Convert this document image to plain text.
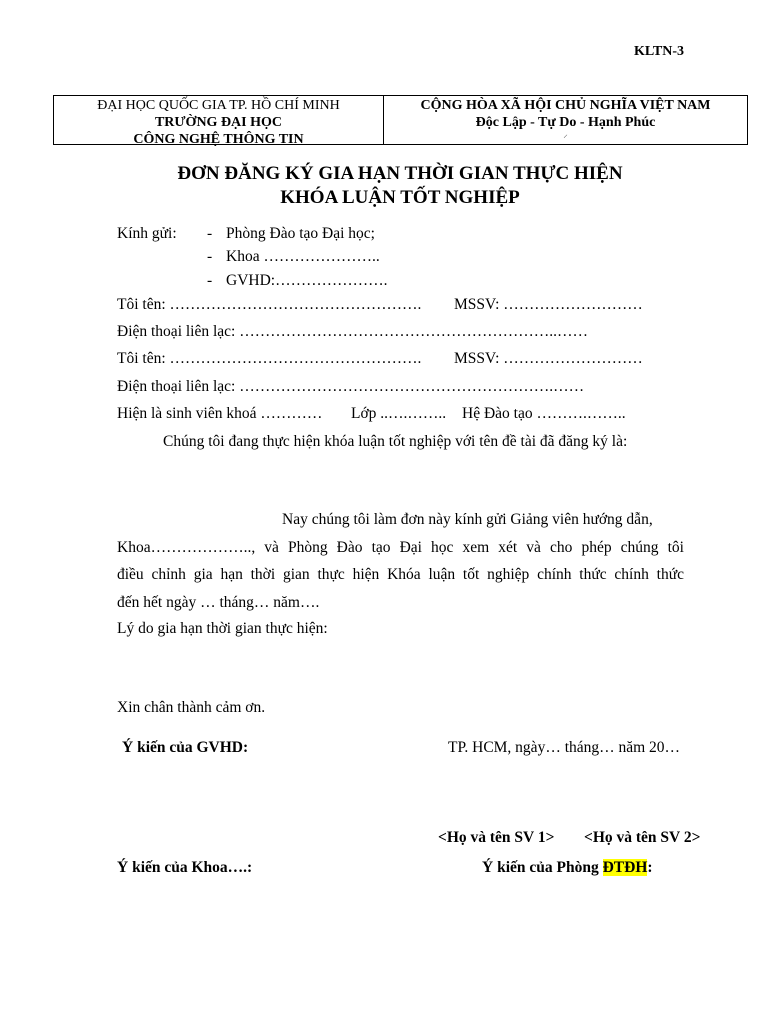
KLTN-3
ĐẠI HỌC QUỐC GIA TP. HỒ CHÍ MINH
TRƯỜNG ĐẠI HỌC
CÔNG NGHỆ THÔNG TIN
CỘNG HÒA XÃ HỘI CHỦ NGHĨA VIỆT NAM
Độc Lập - Tự Do - Hạnh Phúc
⸍
ĐƠN ĐĂNG KÝ GIA HẠN THỜI GIAN THỰC HIỆN
KHÓA LUẬN TỐT NGHIỆP
Kính gửi: - Phòng Đào tạo Đại học;
- Khoa …………………..
- GVHD:………………….
Tôi tên: …………………………………………. MSSV: ………………………
Điện thoại liên lạc: ……………………………………………………..……
Tôi tên: …………………………………………. MSSV: ………………………
Điện thoại liên lạc: …………………………………………………….……
Hiện là sinh viên khoá ………… Lớp ..….…….. Hệ Đào tạo ……….……..
Chúng tôi đang thực hiện khóa luận tốt nghiệp với tên đề tài đã đăng ký là:
Nay chúng tôi làm đơn này kính gửi Giảng viên hướng dẫn,
Khoa……………….., và Phòng Đào tạo Đại học xem xét và cho phép chúng tôi
điều chỉnh gia hạn thời gian thực hiện Khóa luận tốt nghiệp chính thức chính thức
đến hết ngày … tháng… năm….
Lý do gia hạn thời gian thực hiện:
Xin chân thành cảm ơn.
Ý kiến của GVHD:	TP. HCM, ngày… tháng… năm 20…
<Họ và tên SV 1> <Họ và tên SV 2>
Ý kiến của Khoa….:	Ý kiến của Phòng ĐTĐH:
